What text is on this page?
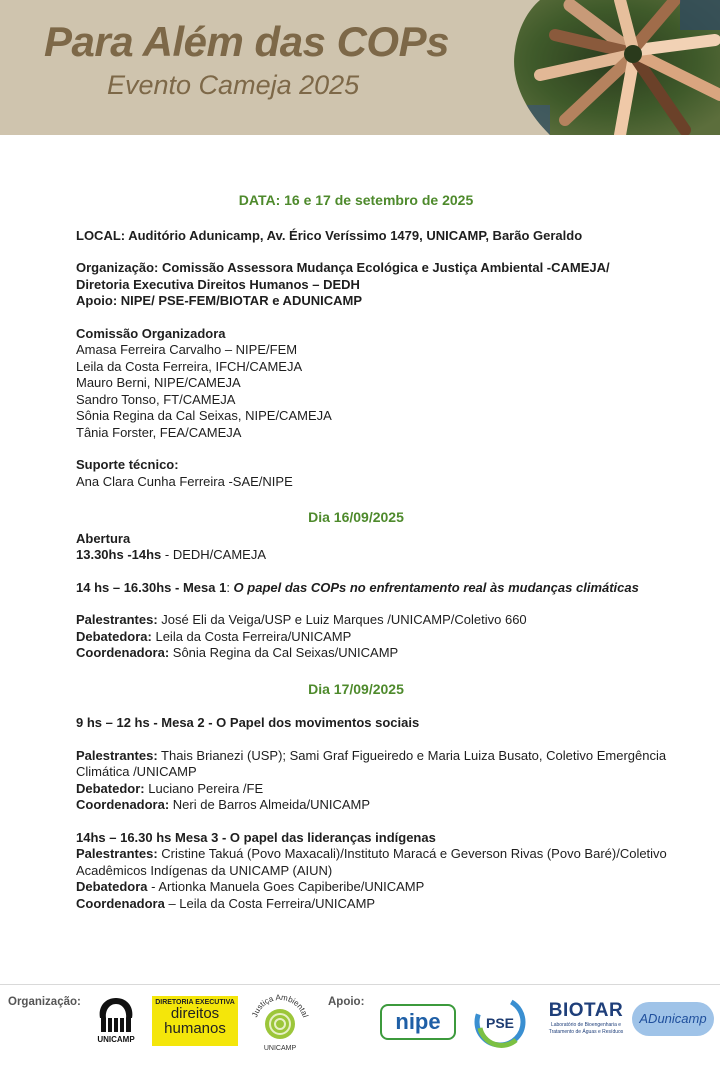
Para Além das COPs
Evento Cameja 2025
DATA: 16 e 17 de setembro de 2025
LOCAL: Auditório Adunicamp, Av. Érico Veríssimo 1479, UNICAMP, Barão Geraldo
Organização: Comissão Assessora Mudança Ecológica e Justiça Ambiental -CAMEJA/
Diretoria Executiva Direitos Humanos – DEDH
Apoio: NIPE/ PSE-FEM/BIOTAR e ADUNICAMP
Comissão Organizadora
Amasa Ferreira Carvalho – NIPE/FEM
Leila da Costa Ferreira, IFCH/CAMEJA
Mauro Berni, NIPE/CAMEJA
Sandro Tonso, FT/CAMEJA
Sônia Regina da Cal Seixas, NIPE/CAMEJA
Tânia Forster, FEA/CAMEJA
Suporte técnico:
Ana Clara Cunha Ferreira -SAE/NIPE
Dia 16/09/2025
Abertura
13.30hs -14hs - DEDH/CAMEJA
14 hs – 16.30hs - Mesa 1: O papel das COPs no enfrentamento real às mudanças climáticas
Palestrantes: José Eli da Veiga/USP e Luiz Marques /UNICAMP/Coletivo 660
Debatedora: Leila da Costa Ferreira/UNICAMP
Coordenadora: Sônia Regina da Cal Seixas/UNICAMP
Dia 17/09/2025
9 hs – 12 hs - Mesa 2 - O Papel dos movimentos sociais
Palestrantes: Thais Brianezi (USP); Sami Graf Figueiredo e Maria Luiza Busato, Coletivo Emergência Climática /UNICAMP
Debatedor: Luciano Pereira /FE
Coordenadora: Neri de Barros Almeida/UNICAMP
14hs – 16.30 hs Mesa 3 - O papel das lideranças indígenas
Palestrantes: Cristine Takuá (Povo Maxacali)/Instituto Maracá e Geverson Rivas (Povo Baré)/Coletivo Acadêmicos Indígenas da UNICAMP (AIUN)
Debatedora - Artionka Manuela Goes Capiberibe/UNICAMP
Coordenadora – Leila da Costa Ferreira/UNICAMP
Organização:
UNICAMP
DIRETORIA EXECUTIVA
direitos
humanos
Justiça Ambiental
UNICAMP
Apoio:
nipe	PSE
BIOTAR
Laboratório de Bioengenharia e
Tratamento de Águas e Resíduos
ADunicamp
